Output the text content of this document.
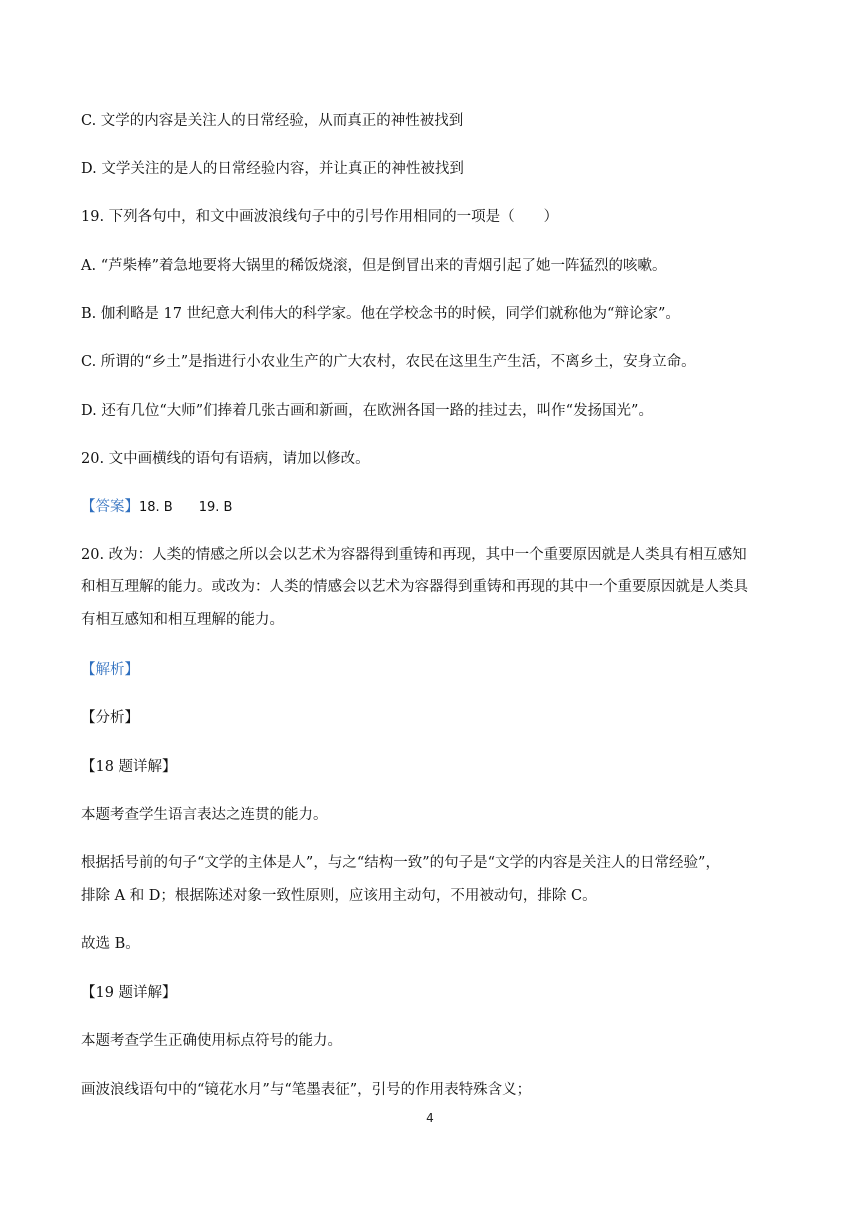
C. 文学的内容是关注人的日常经验，从而真正的神性被找到
D. 文学关注的是人的日常经验内容，并让真正的神性被找到
19. 下列各句中，和文中画波浪线句子中的引号作用相同的一项是（　　）
A. “芦柴棒”着急地要将大锅里的稀饭烧滚，但是倒冒出来的青烟引起了她一阵猛烈的咳嗽。
B. 伽利略是 17 世纪意大利伟大的科学家。他在学校念书的时候，同学们就称他为“辩论家”。
C. 所谓的“乡土”是指进行小农业生产的广大农村，农民在这里生产生活，不离乡土，安身立命。
D. 还有几位“大师”们捧着几张古画和新画，在欧洲各国一路的挂过去，叫作“发扬国光”。
20. 文中画横线的语句有语病，请加以修改。
【答案】18. B 19. B
20. 改为：人类的情感之所以会以艺术为容器得到重铸和再现，其中一个重要原因就是人类具有相互感知
和相互理解的能力。或改为：人类的情感会以艺术为容器得到重铸和再现的其中一个重要原因就是人类具
有相互感知和相互理解的能力。
【解析】
【分析】
【18 题详解】
本题考查学生语言表达之连贯的能力。
根据括号前的句子“文学的主体是人”，与之“结构一致”的句子是“文学的内容是关注人的日常经验”，
排除 A 和 D；根据陈述对象一致性原则，应该用主动句，不用被动句，排除 C。
故选 B。
【19 题详解】
本题考查学生正确使用标点符号的能力。
画波浪线语句中的“镜花水月”与“笔墨表征”，引号的作用表特殊含义；
4
